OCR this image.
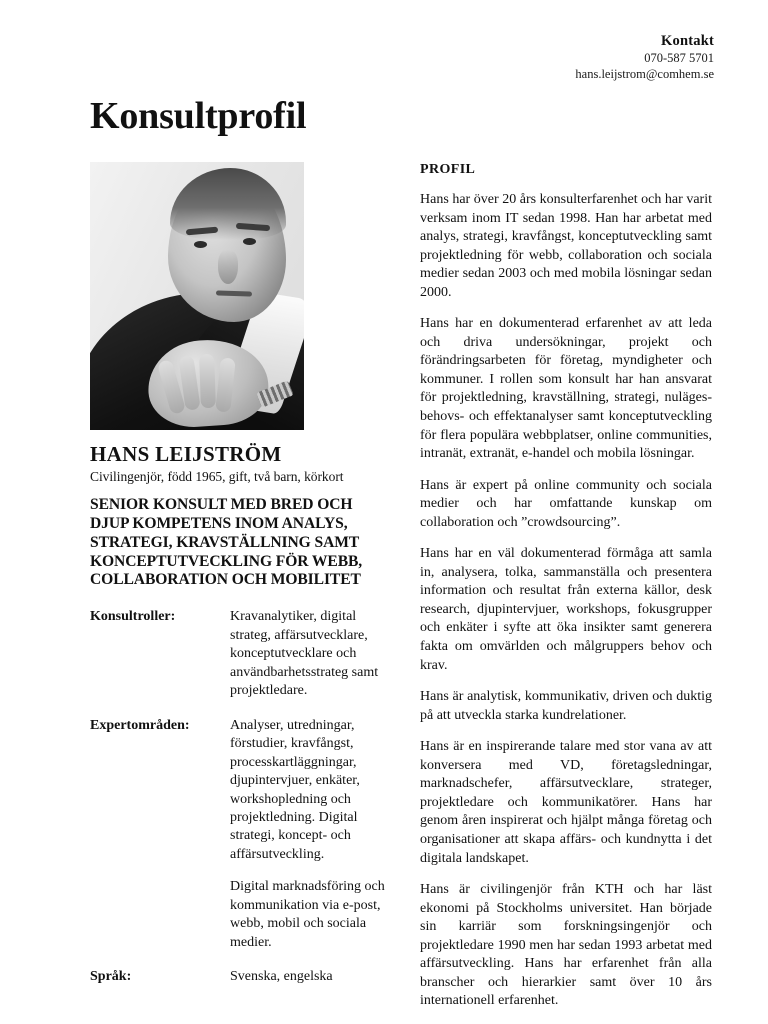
Kontakt
070-587 5701
hans.leijstrom@comhem.se
Konsultprofil
HANS LEIJSTRÖM
Civilingenjör, född 1965, gift, två barn, körkort
SENIOR KONSULT MED BRED OCH DJUP KOMPETENS INOM ANALYS, STRATEGI, KRAVSTÄLLNING SAMT KONCEPTUTVECKLING FÖR WEBB, COLLABORATION OCH MOBILITET
Konsultroller:	Kravanalytiker, digital strateg, affärsutvecklare, konceptutvecklare och användbarhetsstrateg samt projektledare.

Expertområden:	Analyser, utredningar, förstudier, kravfångst, processkartläggningar, djupintervjuer, enkäter, workshopledning och projektledning. Digital strategi, koncept- och affärsutveckling.

Digital marknadsföring och kommunikation via e-post, webb, mobil och sociala medier.

Språk:	Svenska, engelska

PROFIL

Hans har över 20 års konsulterfarenhet och har varit verksam inom IT sedan 1998. Han har arbetat med analys, strategi, kravfångst, konceptutveckling samt projektledning för webb, collaboration och sociala medier sedan 2003 och med mobila lösningar sedan 2000.

Hans har en dokumenterad erfarenhet av att leda och driva undersökningar, projekt och förändringsarbeten för företag, myndigheter och kommuner. I rollen som konsult har han ansvarat för projektledning, kravställning, strategi, nuläges- behovs- och effektanalyser samt konceptutveckling för flera populära webbplatser, online communities, intranät, extranät, e-handel och mobila lösningar.

Hans är expert på online community och sociala medier och har omfattande kunskap om collaboration och ”crowdsourcing”.

Hans har en väl dokumenterad förmåga att samla in, analysera, tolka, sammanställa och presentera information och resultat från externa källor, desk research, djupintervjuer, workshops, fokusgrupper och enkäter i syfte att öka insikter samt generera fakta om omvärlden och målgruppers behov och krav.

Hans är analytisk, kommunikativ, driven och duktig på att utveckla starka kundrelationer.

Hans är en inspirerande talare med stor vana av att konversera med VD, företagsledningar, marknadschefer, affärsutvecklare, strateger, projektledare och kommunikatörer. Hans har genom åren inspirerat och hjälpt många företag och organisationer att skapa affärs- och kundnytta i det digitala landskapet.

Hans är civilingenjör från KTH och har läst ekonomi på Stockholms universitet. Han började sin karriär som forskningsingenjör och projektledare 1990 men har sedan 1993 arbetat med affärsutveckling. Hans har erfarenhet från alla branscher och hierarkier samt över 10 års internationell erfarenhet.
